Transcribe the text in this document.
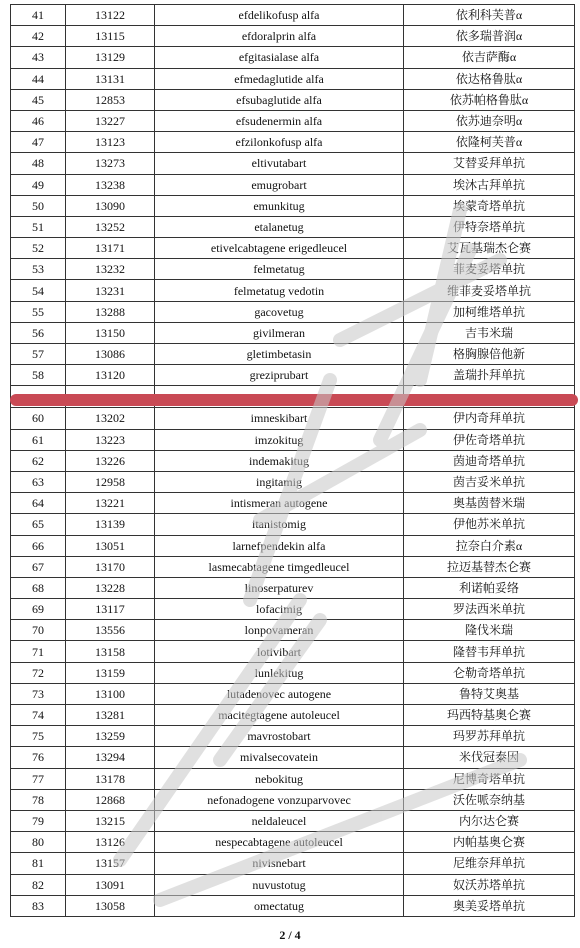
41	13122	efdelikofusp alfa	依利科芙普α
42	13115	efdoralprin alfa	依多瑞普润α
43	13129	efgitasialase alfa	依吉萨酶α
44	13131	efmedaglutide alfa	依达格鲁肽α
45	12853	efsubaglutide alfa	依苏帕格鲁肽α
46	13227	efsudenermin alfa	依苏迪奈明α
47	13123	efzilonkofusp alfa	依隆柯芙普α
48	13273	eltivutabart	艾替妥拜单抗
49	13238	emugrobart	埃沐古拜单抗
50	13090	emunkitug	埃蒙奇塔单抗
51	13252	etalanetug	伊特奈塔单抗
52	13171	etivelcabtagene erigedleucel	艾瓦基瑞杰仑赛
53	13232	felmetatug	菲麦妥塔单抗
54	13231	felmetatug vedotin	维菲麦妥塔单抗
55	13288	gacovetug	加柯维塔单抗
56	13150	givilmeran	吉韦米瑞
57	13086	gletimbetasin	格胸腺倍他新
58	13120	greziprubart	盖瑞扑拜单抗

60	13202	imneskibart	伊内奇拜单抗
61	13223	imzokitug	伊佐奇塔单抗
62	13226	indemakitug	茵迪奇塔单抗
63	12958	ingitamig	茵吉妥米单抗
64	13221	intismeran autogene	奥基茵替米瑞
65	13139	itanistomig	伊他苏米单抗
66	13051	larnefpendekin alfa	拉奈白介素α
67	13170	lasmecabtagene timgedleucel	拉迈基替杰仑赛
68	13228	linoserpaturev	利诺帕妥络
69	13117	lofacimig	罗法西米单抗
70	13556	lonpovameran	隆伐米瑞
71	13158	lotivibart	隆替韦拜单抗
72	13159	lunlekitug	仑勒奇塔单抗
73	13100	lutadenovec autogene	鲁特艾奥基
74	13281	macitegtagene autoleucel	玛西特基奥仑赛
75	13259	mavrostobart	玛罗苏拜单抗
76	13294	mivalsecovatein	米伐冠泰因
77	13178	nebokitug	尼博奇塔单抗
78	12868	nefonadogene vonzuparvovec	沃佐哌奈纳基
79	13215	neldaleucel	内尔达仑赛
80	13126	nespecabtagene autoleucel	内帕基奥仑赛
81	13157	nivisnebart	尼维奈拜单抗
82	13091	nuvustotug	奴沃苏塔单抗
83	13058	omectatug	奥美妥塔单抗
2 / 4
